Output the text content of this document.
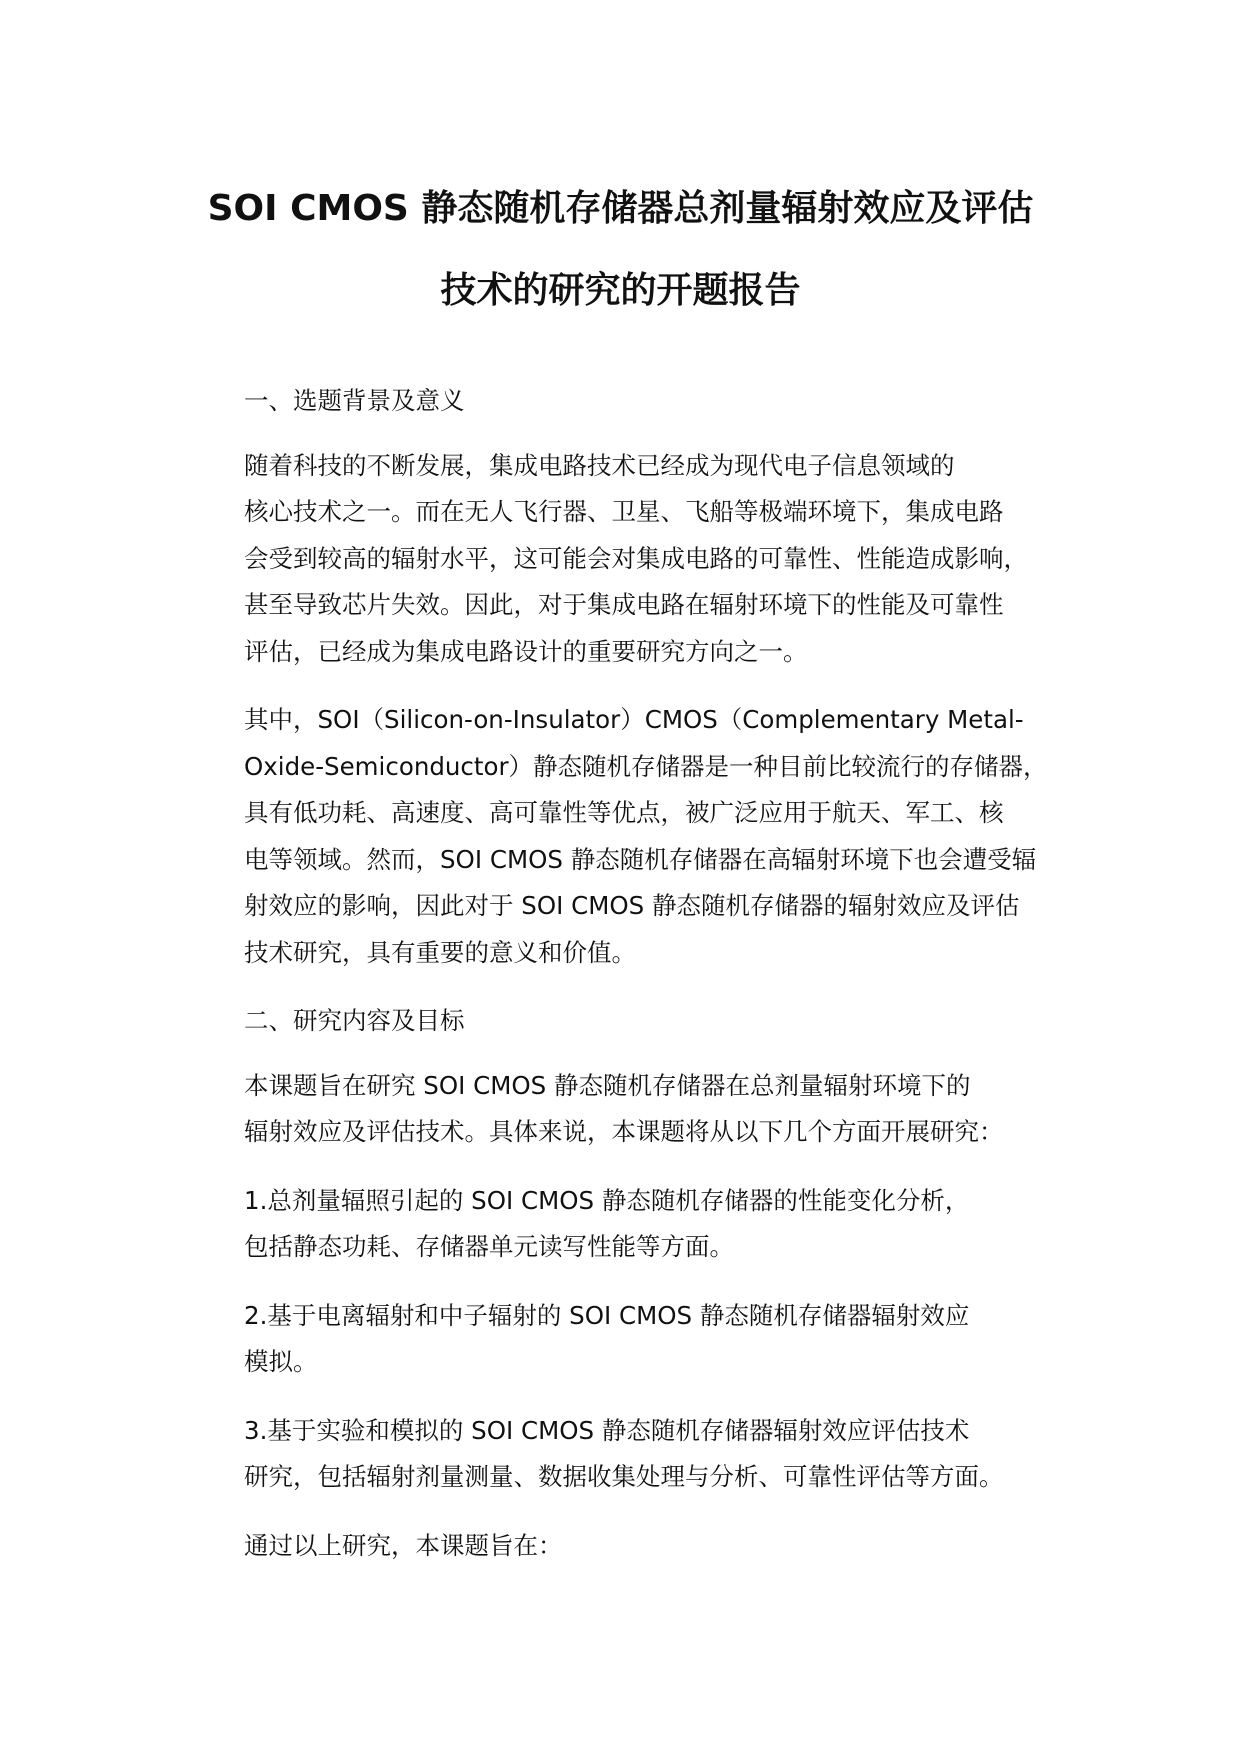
SOI CMOS 静态随机存储器总剂量辐射效应及评估
技术的研究的开题报告

一、选题背景及意义

随着科技的不断发展，集成电路技术已经成为现代电子信息领域的
核心技术之一。而在无人飞行器、卫星、飞船等极端环境下，集成电路
会受到较高的辐射水平，这可能会对集成电路的可靠性、性能造成影响，
甚至导致芯片失效。因此，对于集成电路在辐射环境下的性能及可靠性
评估，已经成为集成电路设计的重要研究方向之一。

其中，SOI（Silicon-on-Insulator）CMOS（Complementary Metal-
Oxide-Semiconductor）静态随机存储器是一种目前比较流行的存储器，
具有低功耗、高速度、高可靠性等优点，被广泛应用于航天、军工、核
电等领域。然而，SOI CMOS 静态随机存储器在高辐射环境下也会遭受辐
射效应的影响，因此对于 SOI CMOS 静态随机存储器的辐射效应及评估
技术研究，具有重要的意义和价值。

二、研究内容及目标

本课题旨在研究 SOI CMOS 静态随机存储器在总剂量辐射环境下的
辐射效应及评估技术。具体来说，本课题将从以下几个方面开展研究：

1.总剂量辐照引起的 SOI CMOS 静态随机存储器的性能变化分析，
包括静态功耗、存储器单元读写性能等方面。

2.基于电离辐射和中子辐射的 SOI CMOS 静态随机存储器辐射效应
模拟。

3.基于实验和模拟的 SOI CMOS 静态随机存储器辐射效应评估技术
研究，包括辐射剂量测量、数据收集处理与分析、可靠性评估等方面。

通过以上研究，本课题旨在：
